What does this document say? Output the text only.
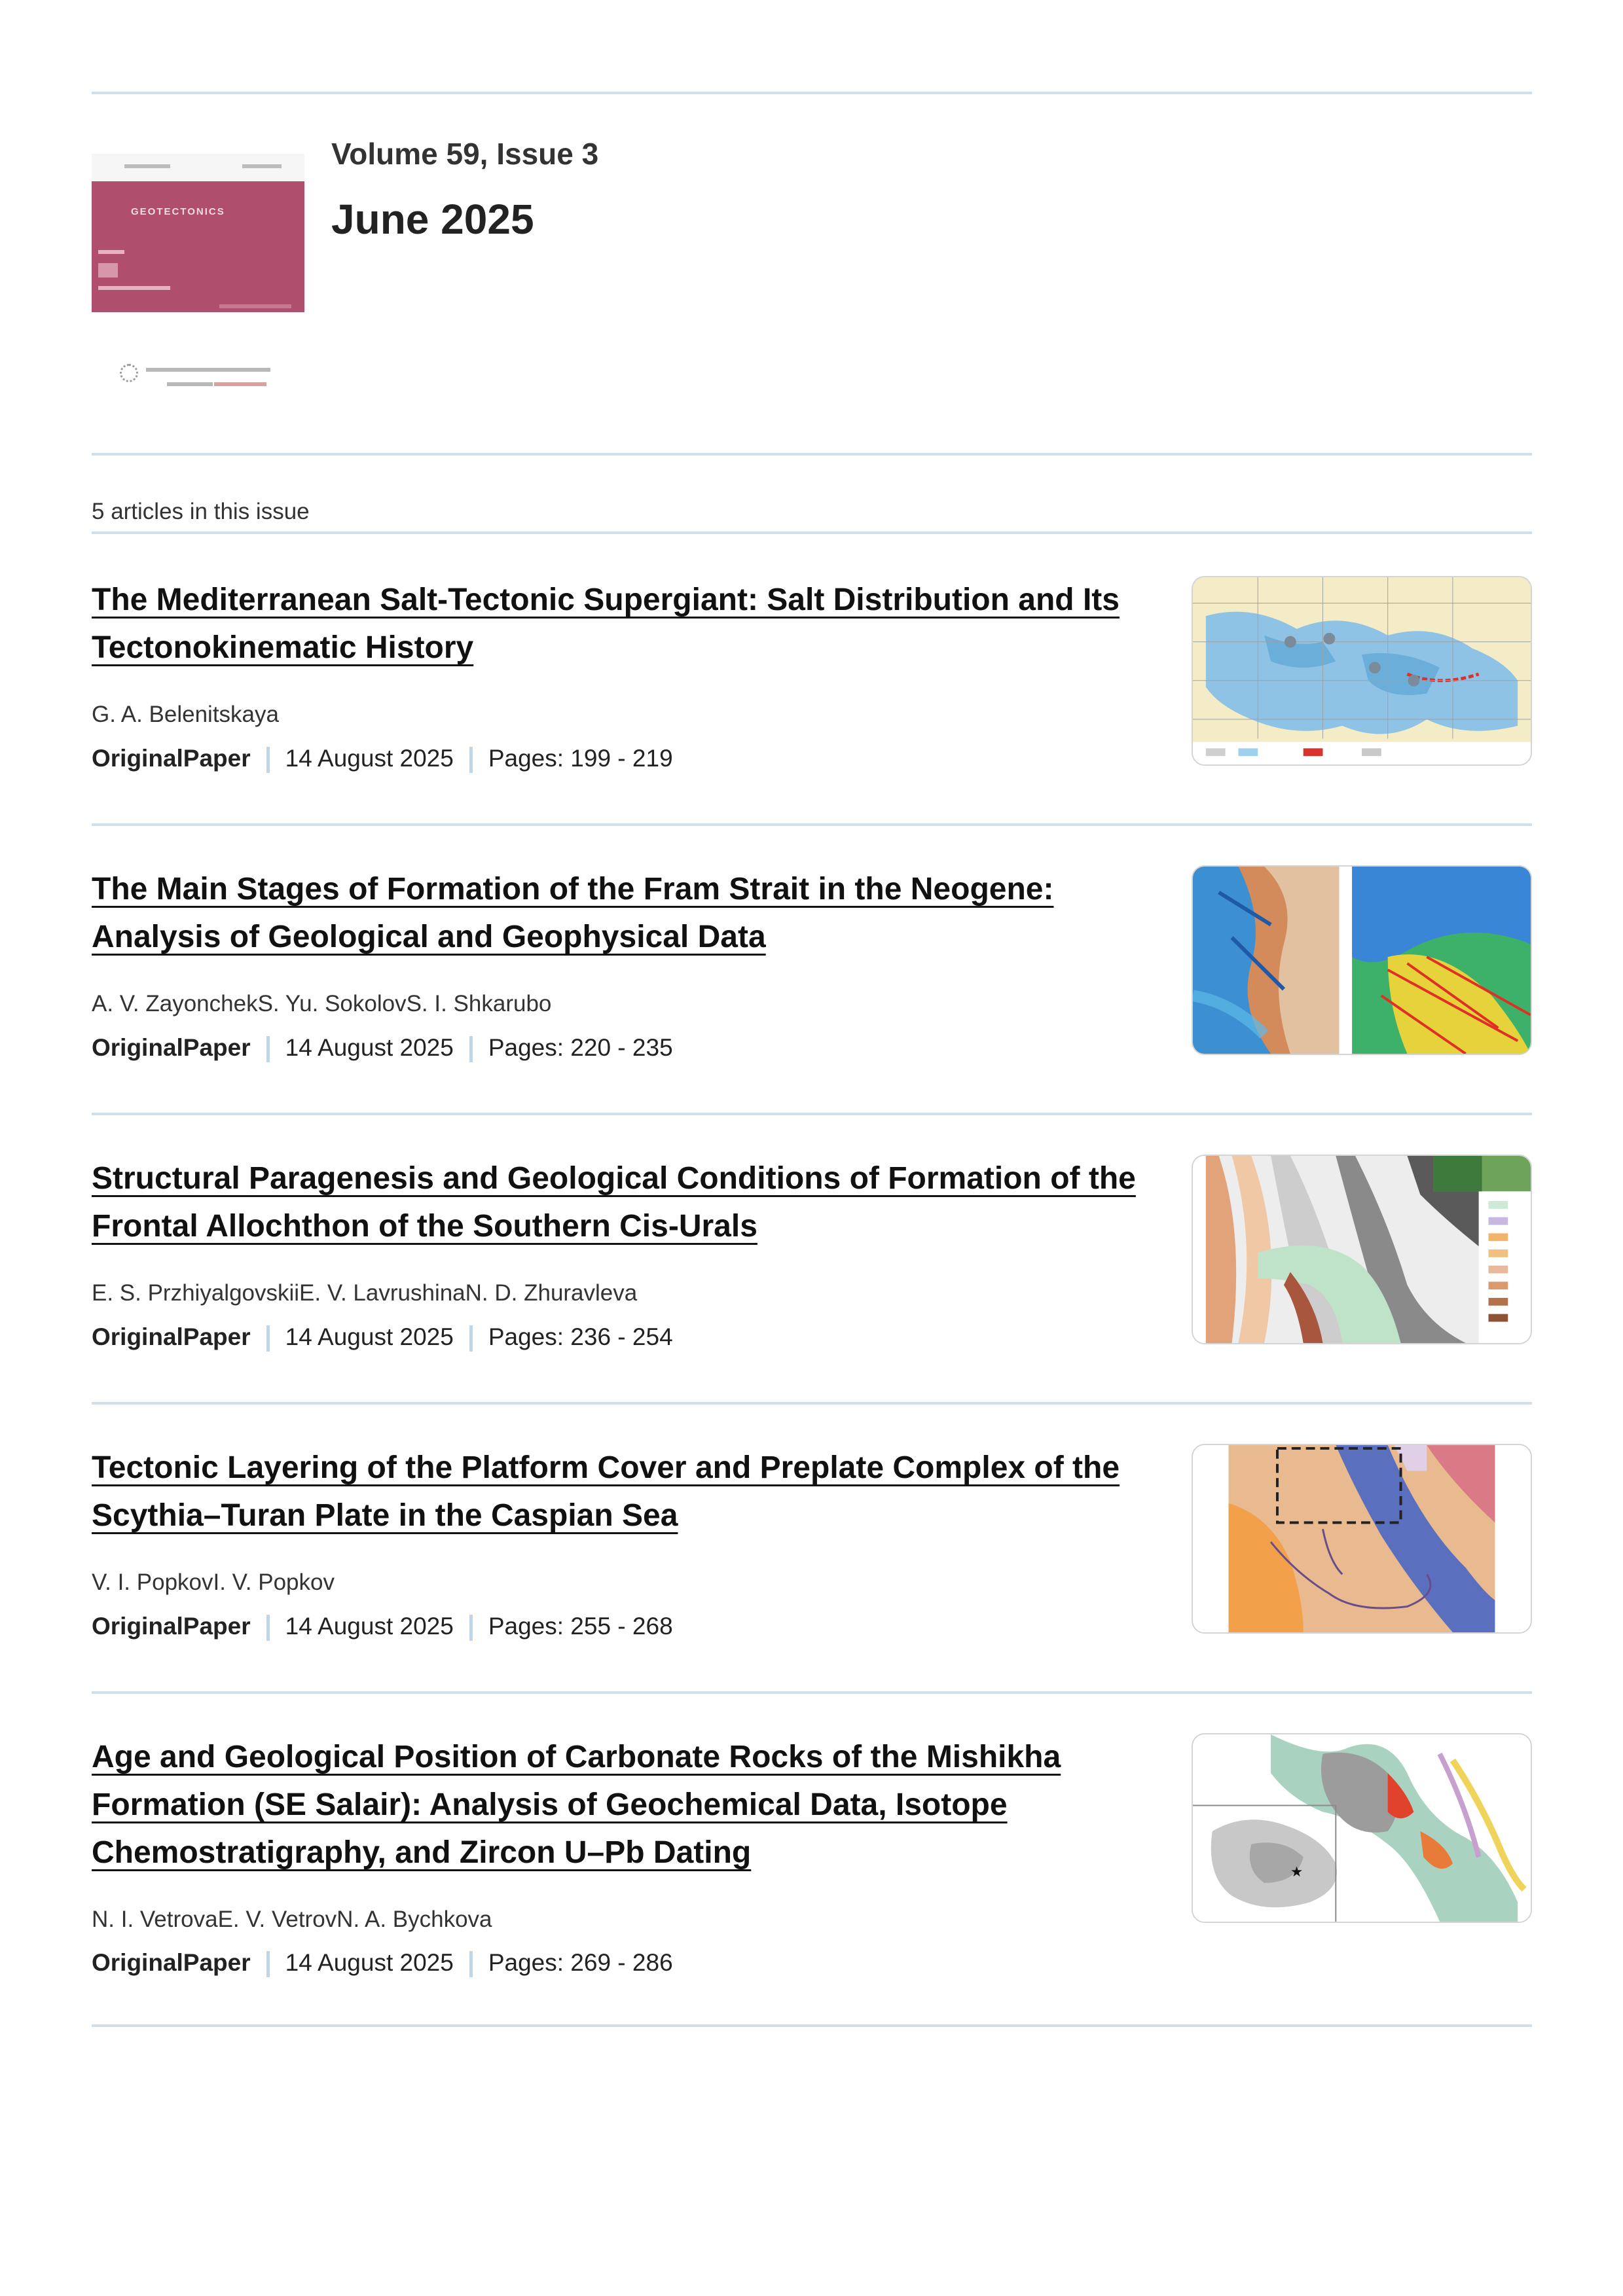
GEOTECTONICS
Volume 59, Issue 3
June 2025
5 articles in this issue
The Mediterranean Salt-Tectonic Supergiant: Salt Distribution and Its Tectonokinematic History
G. A. Belenitskaya
OriginalPaper 14 August 2025 Pages: 199 - 219
The Main Stages of Formation of the Fram Strait in the Neogene: Analysis of Geological and Geophysical Data
A. V. ZayonchekS. Yu. SokolovS. I. Shkarubo
OriginalPaper 14 August 2025 Pages: 220 - 235
Structural Paragenesis and Geological Conditions of Formation of the Frontal Allochthon of the Southern Cis-Urals
E. S. PrzhiyalgovskiiE. V. LavrushinaN. D. Zhuravleva
OriginalPaper 14 August 2025 Pages: 236 - 254
Tectonic Layering of the Platform Cover and Preplate Complex of the Scythia–Turan Plate in the Caspian Sea
V. I. PopkovI. V. Popkov
OriginalPaper 14 August 2025 Pages: 255 - 268
Age and Geological Position of Carbonate Rocks of the Mishikha Formation (SE Salair): Analysis of Geochemical Data, Isotope Chemostratigraphy, and Zircon U–Pb Dating
N. I. VetrovaE. V. VetrovN. A. Bychkova
OriginalPaper 14 August 2025 Pages: 269 - 286
★
